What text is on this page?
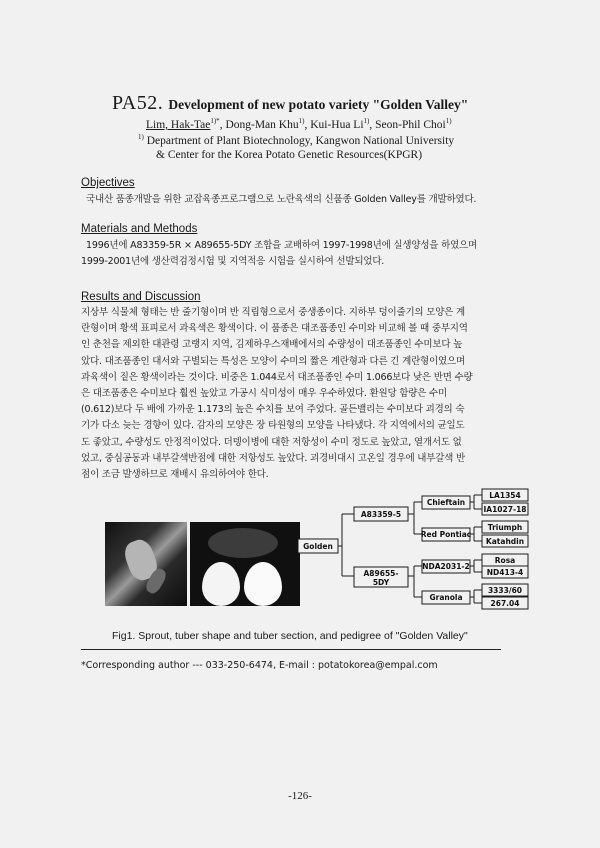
PA52. Development of new potato variety "Golden Valley"
Lim, Hak-Tae$^{1)*}$, Dong-Man Khu$^{1)}$, Kui-Hua Li$^{1)}$, Seon-Phil Choi$^{1)}$
$^{1)}$ Department of Plant Biotechnology, Kangwon National University
& Center for the Korea Potato Genetic Resources(KPGR)
Objectives
국내산 품종개발을 위한 교잡육종프로그램으로 노란육색의 신품종 Golden Valley를 개발하였다.
Materials and Methods
1996년에 A83359-5R × A89655-5DY 조합을 교배하여 1997-1998년에 실생양성을 하였으며
1999-2001년에 생산력검정시험 및 지역적응 시험을 실시하여 선발되었다.
Results and Discussion
지상부 식물체 형태는 반 줄기형이며 반 직립형으로서 중생종이다. 지하부 덩이줄기의 모양은 계
란형이며 황색 표피로서 과육색은 황색이다. 이 품종은 대조품종인 수미와 비교해 볼 때 중부지역
인 춘천을 제외한 대관령 고랭지 지역, 김제하우스재배에서의 수량성이 대조품종인 수미보다 높
았다. 대조품종인 대서와 구별되는 특성은 모양이 수미의 짧은 계란형과 다른 긴 계란형이였으며
과육색이 짙은 황색이라는 것이다. 비중은 1.044로서 대조품종인 수미 1.066보다 낮은 반면 수량
은 대조품종은 수미보다 훨씬 높았고 가공시 식미성이 매우 우수하였다. 환원당 함량은 수미
(0.612)보다 두 배에 가까운 1.173의 높은 수치를 보여 주었다. 골든밸리는 수미보다 괴경의 숙
기가 다소 늦는 경향이 있다. 감자의 모양은 장 타원형의 모양을 나타냈다. 각 지역에서의 균일도
도 좋았고, 수량성도 안정적이었다. 더뎅이병에 대한 저항성이 수미 정도로 높았고, 열개서도 없
었고, 중심공동과 내부갈색반점에 대한 저항성도 높았다. 괴경비대시 고온일 경우에 내부갈색 반
점이 조금 발생하므로 재배시 유의하여야 한다.
Golden
A83359-5
A89655-
5DY
Chieftain
Red Pontiac
NDA2031-2
Granola
LA1354
IA1027-18
Triumph
Katahdin
Rosa
ND413-4
3333/60
267.04
Fig1. Sprout, tuber shape and tuber section, and pedigree of "Golden Valley"
*Corresponding author --- 033-250-6474, E-mail : potatokorea@empal.com
-126-
